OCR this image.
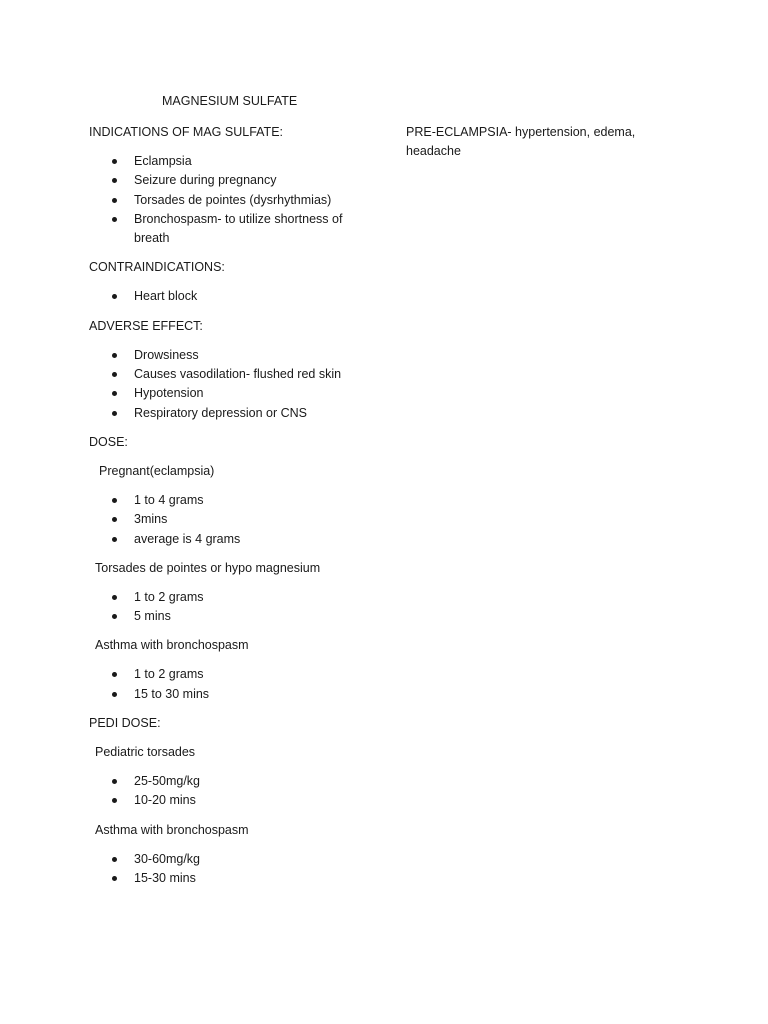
MAGNESIUM SULFATE
PRE-ECLAMPSIA- hypertension, edema, headache

INDICATIONS OF MAG SULFATE:

Eclampsia
Seizure during pregnancy
Torsades de pointes (dysrhythmias)
Bronchospasm- to utilize shortness of breath

CONTRAINDICATIONS:

Heart block

ADVERSE EFFECT:

Drowsiness
Causes vasodilation- flushed red skin
Hypotension
Respiratory depression or CNS

DOSE:

Pregnant(eclampsia)

1 to 4 grams
3mins
average is 4 grams

Torsades de pointes or hypo magnesium

1 to 2 grams
5 mins

Asthma with bronchospasm

1 to 2 grams
15 to 30 mins

PEDI DOSE:

Pediatric torsades

25-50mg/kg
10-20 mins

Asthma with bronchospasm

30-60mg/kg
15-30 mins
